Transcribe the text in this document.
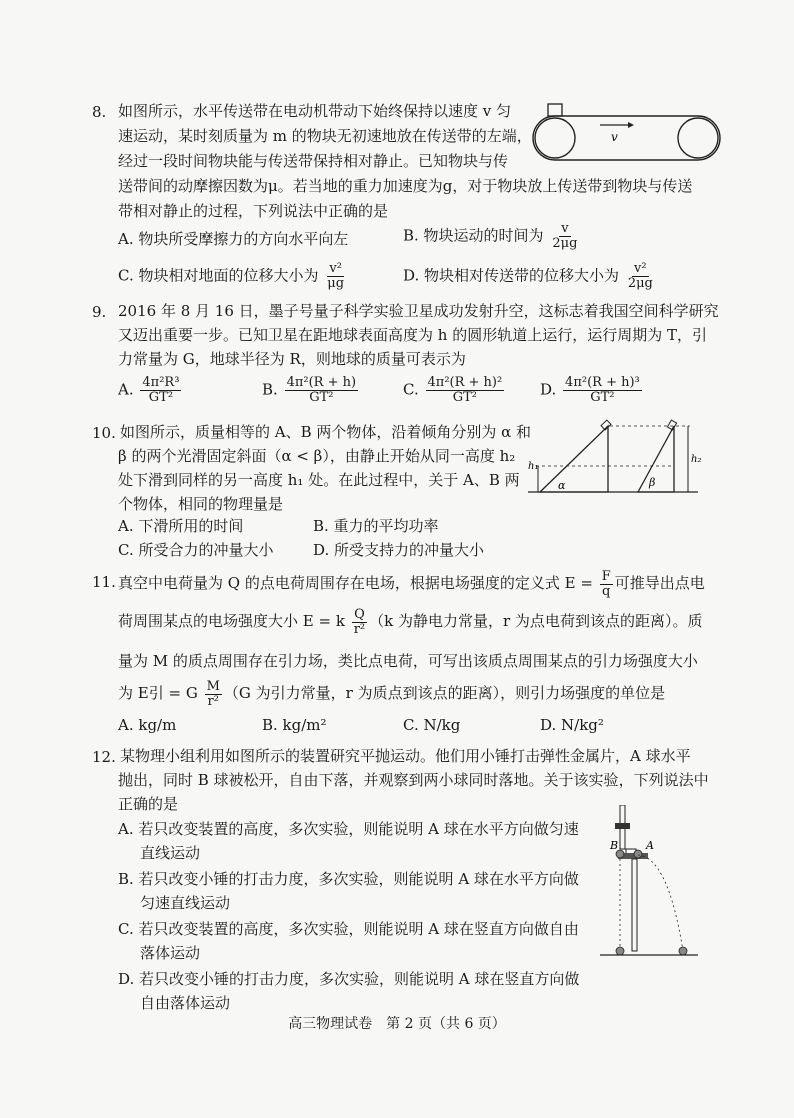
8. 如图所示，水平传送带在电动机带动下始终保持以速度 v 匀
速运动，某时刻质量为 m 的物块无初速地放在传送带的左端，
经过一段时间物块能与传送带保持相对静止。已知物块与传
送带间的动摩擦因数为μ。若当地的重力加速度为g，对于物块放上传送带到物块与传送
带相对静止的过程，下列说法中正确的是
v
A. 物块所受摩擦力的方向水平向左	B. 物块运动的时间为 $\frac{v}{2\mu g}$
C. 物块相对地面的位移大小为 $\frac{\text{v²}}{\mu g}$	D. 物块相对传送带的位移大小为 $\frac{\text{v²}}{2\mu g}$
9. 2016 年 8 月 16 日，墨子号量子科学实验卫星成功发射升空，这标志着我国空间科学研究
又迈出重要一步。已知卫星在距地球表面高度为 h 的圆形轨道上运行，运行周期为 T，引
力常量为 G，地球半径为 R，则地球的质量可表示为
A. $\frac{\text{4π²R³}}{\text{GT²}}$	B. $\frac{\text{4π²(R + h)}}{\text{GT²}}$	C. $\frac{\text{4π²(R + h)²}}{\text{GT²}} D$. $\frac{\text{4π²(R + h)³}}{\text{GT²}}$
10. 如图所示，质量相等的 A、B 两个物体，沿着倾角分别为 α 和
β 的两个光滑固定斜面（α < β），由静止开始从同一高度 h₂
处下滑到同样的另一高度 h₁ 处。在此过程中，关于 A、B 两
个物体，相同的物理量是
h₁
h₂
α	β
A. 下滑所用的时间	B. 重力的平均功率
C. 所受合力的冲量大小	D. 所受支持力的冲量大小
11. 真空中电荷量为 Q 的点电荷周围存在电场，根据电场强度的定义式 $E = \frac{F}{q}$ 可推导出点电
荷周围某点的电场强度大小 E = k $\frac{Q}{\text{r²}} (k$ 为静电力常量，r 为点电荷到该点的距离）。质
量为 M 的质点周围存在引力场，类比点电荷，可写出该质点周围某点的引力场强度大小
为 E引 = G $\frac{M}{\text{r²}} (G$ 为引力常量，r 为质点到该点的距离），则引力场强度的单位是
A. kg/m	B. kg/m²	C. N/kg	D. N/kg²
12. 某物理小组利用如图所示的装置研究平抛运动。他们用小锤打击弹性金属片，A 球水平
抛出，同时 B 球被松开，自由下落，并观察到两小球同时落地。关于该实验，下列说法中
正确的是
A. 若只改变装置的高度，多次实验，则能说明 A 球在水平方向做匀速
直线运动
B. 若只改变小锤的打击力度，多次实验，则能说明 A 球在水平方向做
匀速直线运动
C. 若只改变装置的高度，多次实验，则能说明 A 球在竖直方向做自由
落体运动
D. 若只改变小锤的打击力度，多次实验，则能说明 A 球在竖直方向做
自由落体运动
B	A
高三物理试卷　第 2 页（共 6 页）
